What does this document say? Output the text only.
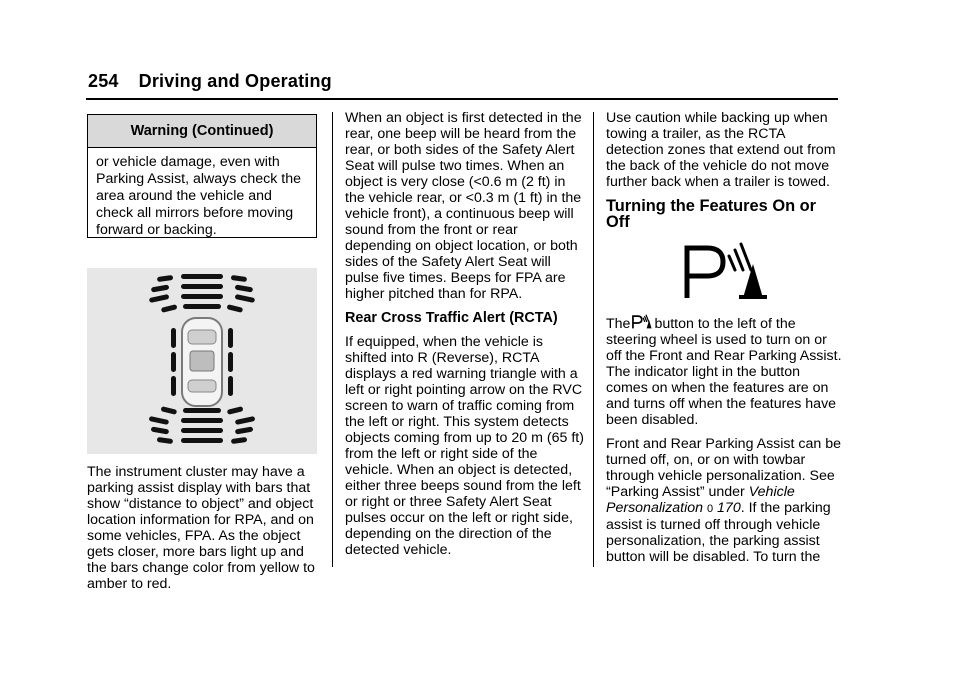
254 Driving and Operating
Warning (Continued)
or vehicle damage, even with Parking Assist, always check the area around the vehicle and check all mirrors before moving forward or backing.

The instrument cluster may have a parking assist display with bars that show “distance to object” and object location information for RPA, and on some vehicles, FPA. As the object gets closer, more bars light up and the bars change color from yellow to amber to red.

When an object is first detected in the rear, one beep will be heard from the rear, or both sides of the Safety Alert Seat will pulse two times. When an object is very close (<0.6 m (2 ft) in the vehicle rear, or <0.3 m (1 ft) in the vehicle front), a continuous beep will sound from the front or rear depending on object location, or both sides of the Safety Alert Seat will pulse five times. Beeps for FPA are higher pitched than for RPA.

Rear Cross Traffic Alert (RCTA)

If equipped, when the vehicle is shifted into R (Reverse), RCTA displays a red warning triangle with a left or right pointing arrow on the RVC screen to warn of traffic coming from the left or right. This system detects objects coming from up to 20 m (65 ft) from the left or right side of the vehicle. When an object is detected, either three beeps sound from the left or right or three Safety Alert Seat pulses occur on the left or right side, depending on the direction of the detected vehicle.

Use caution while backing up when towing a trailer, as the RCTA detection zones that extend out from the back of the vehicle do not move further back when a trailer is towed.

Turning the Features On or Off

The button to the left of the steering wheel is used to turn on or off the Front and Rear Parking Assist. The indicator light in the button comes on when the features are on and turns off when the features have been disabled.

Front and Rear Parking Assist can be turned off, on, or on with towbar through vehicle personalization. See “Parking Assist” under Vehicle Personalization 0 170. If the parking assist is turned off through vehicle personalization, the parking assist button will be disabled. To turn the
